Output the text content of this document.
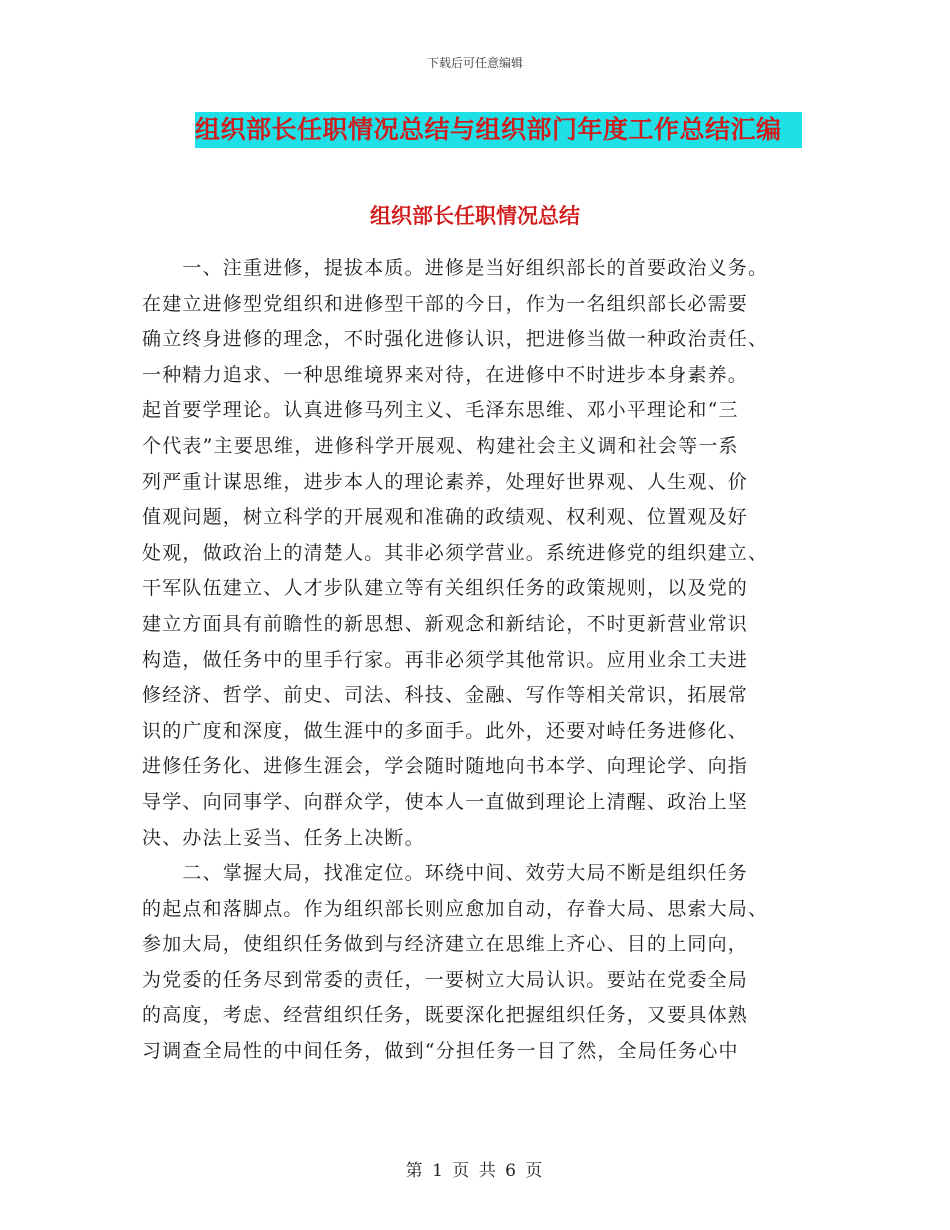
下载后可任意编辑
组织部长任职情况总结与组织部门年度工作总结汇编
组织部长任职情况总结
　　一、注重进修，提拔本质。进修是当好组织部长的首要政治义务。
在建立进修型党组织和进修型干部的今日，作为一名组织部长必需要
确立终身进修的理念，不时强化进修认识，把进修当做一种政治责任、
一种精力追求、一种思维境界来对待，在进修中不时进步本身素养。
起首要学理论。认真进修马列主义、毛泽东思维、邓小平理论和“三
个代表”主要思维，进修科学开展观、构建社会主义调和社会等一系
列严重计谋思维，进步本人的理论素养，处理好世界观、人生观、价
值观问题，树立科学的开展观和准确的政绩观、权利观、位置观及好
处观，做政治上的清楚人。其非必须学营业。系统进修党的组织建立、
干军队伍建立、人才步队建立等有关组织任务的政策规则，以及党的
建立方面具有前瞻性的新思想、新观念和新结论，不时更新营业常识
构造，做任务中的里手行家。再非必须学其他常识。应用业余工夫进
修经济、哲学、前史、司法、科技、金融、写作等相关常识，拓展常
识的广度和深度，做生涯中的多面手。此外，还要对峙任务进修化、
进修任务化、进修生涯会，学会随时随地向书本学、向理论学、向指
导学、向同事学、向群众学，使本人一直做到理论上清醒、政治上坚
决、办法上妥当、任务上决断。
　　二、掌握大局，找准定位。环绕中间、效劳大局不断是组织任务
的起点和落脚点。作为组织部长则应愈加自动，存眷大局、思索大局、
参加大局，使组织任务做到与经济建立在思维上齐心、目的上同向，
为党委的任务尽到常委的责任，一要树立大局认识。要站在党委全局
的高度，考虑、经营组织任务，既要深化把握组织任务，又要具体熟
习调查全局性的中间任务，做到“分担任务一目了然，全局任务心中
第 1 页 共 6 页
